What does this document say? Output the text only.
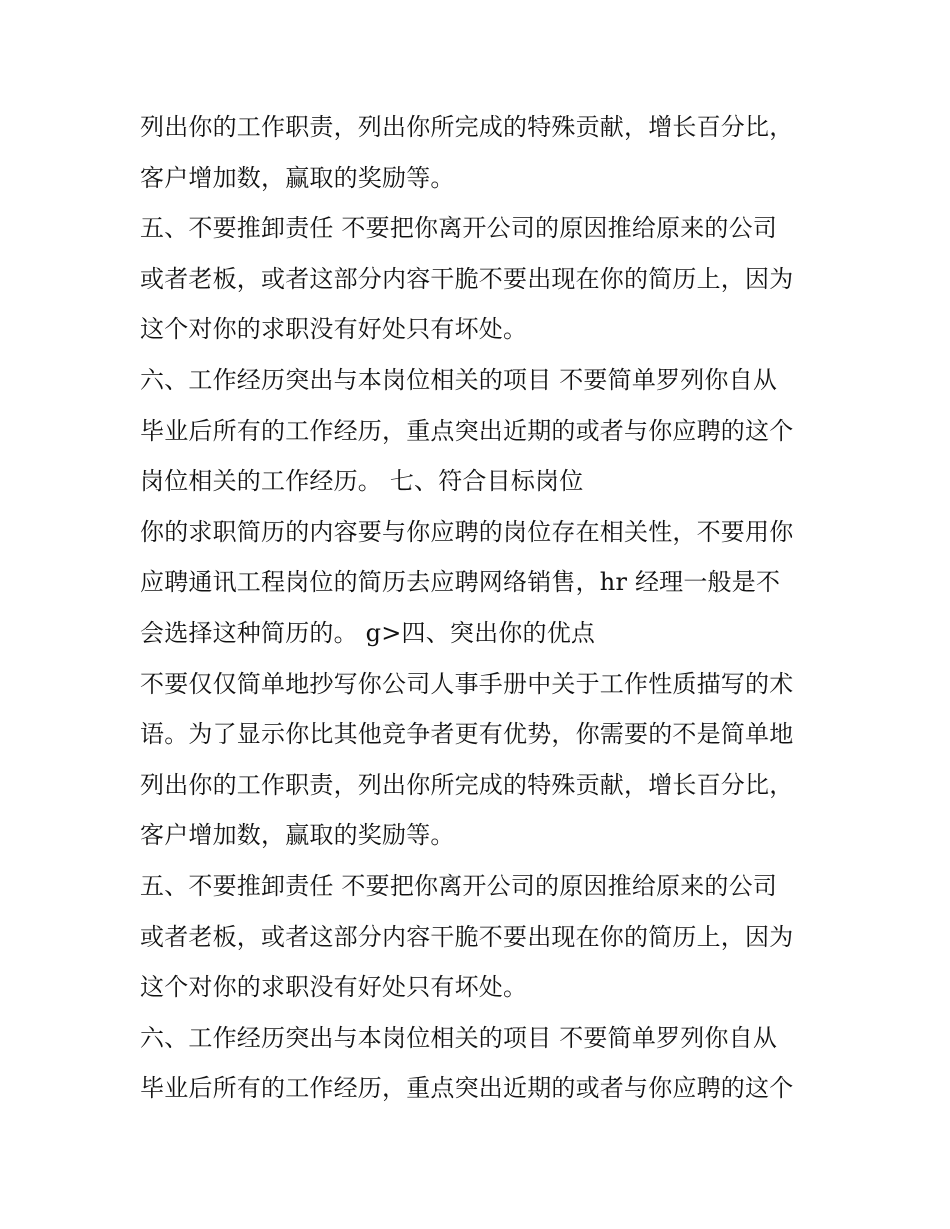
列出你的工作职责，列出你所完成的特殊贡献，增长百分比，
客户增加数，赢取的奖励等。
五、不要推卸责任 不要把你离开公司的原因推给原来的公司
或者老板，或者这部分内容干脆不要出现在你的简历上，因为
这个对你的求职没有好处只有坏处。
六、工作经历突出与本岗位相关的项目 不要简单罗列你自从
毕业后所有的工作经历，重点突出近期的或者与你应聘的这个
岗位相关的工作经历。 七、符合目标岗位
你的求职简历的内容要与你应聘的岗位存在相关性，不要用你
应聘通讯工程岗位的简历去应聘网络销售，hr 经理一般是不
会选择这种简历的。 g>四、突出你的优点
不要仅仅简单地抄写你公司人事手册中关于工作性质描写的术
语。为了显示你比其他竞争者更有优势，你需要的不是简单地
列出你的工作职责，列出你所完成的特殊贡献，增长百分比，
客户增加数，赢取的奖励等。
五、不要推卸责任 不要把你离开公司的原因推给原来的公司
或者老板，或者这部分内容干脆不要出现在你的简历上，因为
这个对你的求职没有好处只有坏处。
六、工作经历突出与本岗位相关的项目 不要简单罗列你自从
毕业后所有的工作经历，重点突出近期的或者与你应聘的这个
